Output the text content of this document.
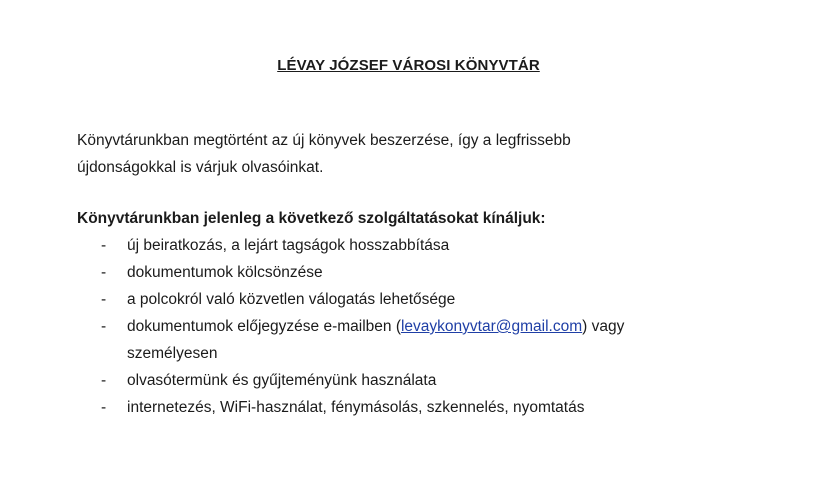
LÉVAY JÓZSEF VÁROSI KÖNYVTÁR

Könyvtárunkban megtörtént az új könyvek beszerzése, így a legfrissebb
újdonságokkal is várjuk olvasóinkat.

Könyvtárunkban jelenleg a következő szolgáltatásokat kínáljuk:

- új beiratkozás, a lejárt tagságok hosszabbítása
- dokumentumok kölcsönzése
- a polcokról való közvetlen válogatás lehetősége
- dokumentumok előjegyzése e-mailben (levaykonyvtar@gmail.com) vagy
személyesen
- olvasótermünk és gyűjteményünk használata
- internetezés, WiFi-használat, fénymásolás, szkennelés, nyomtatás
